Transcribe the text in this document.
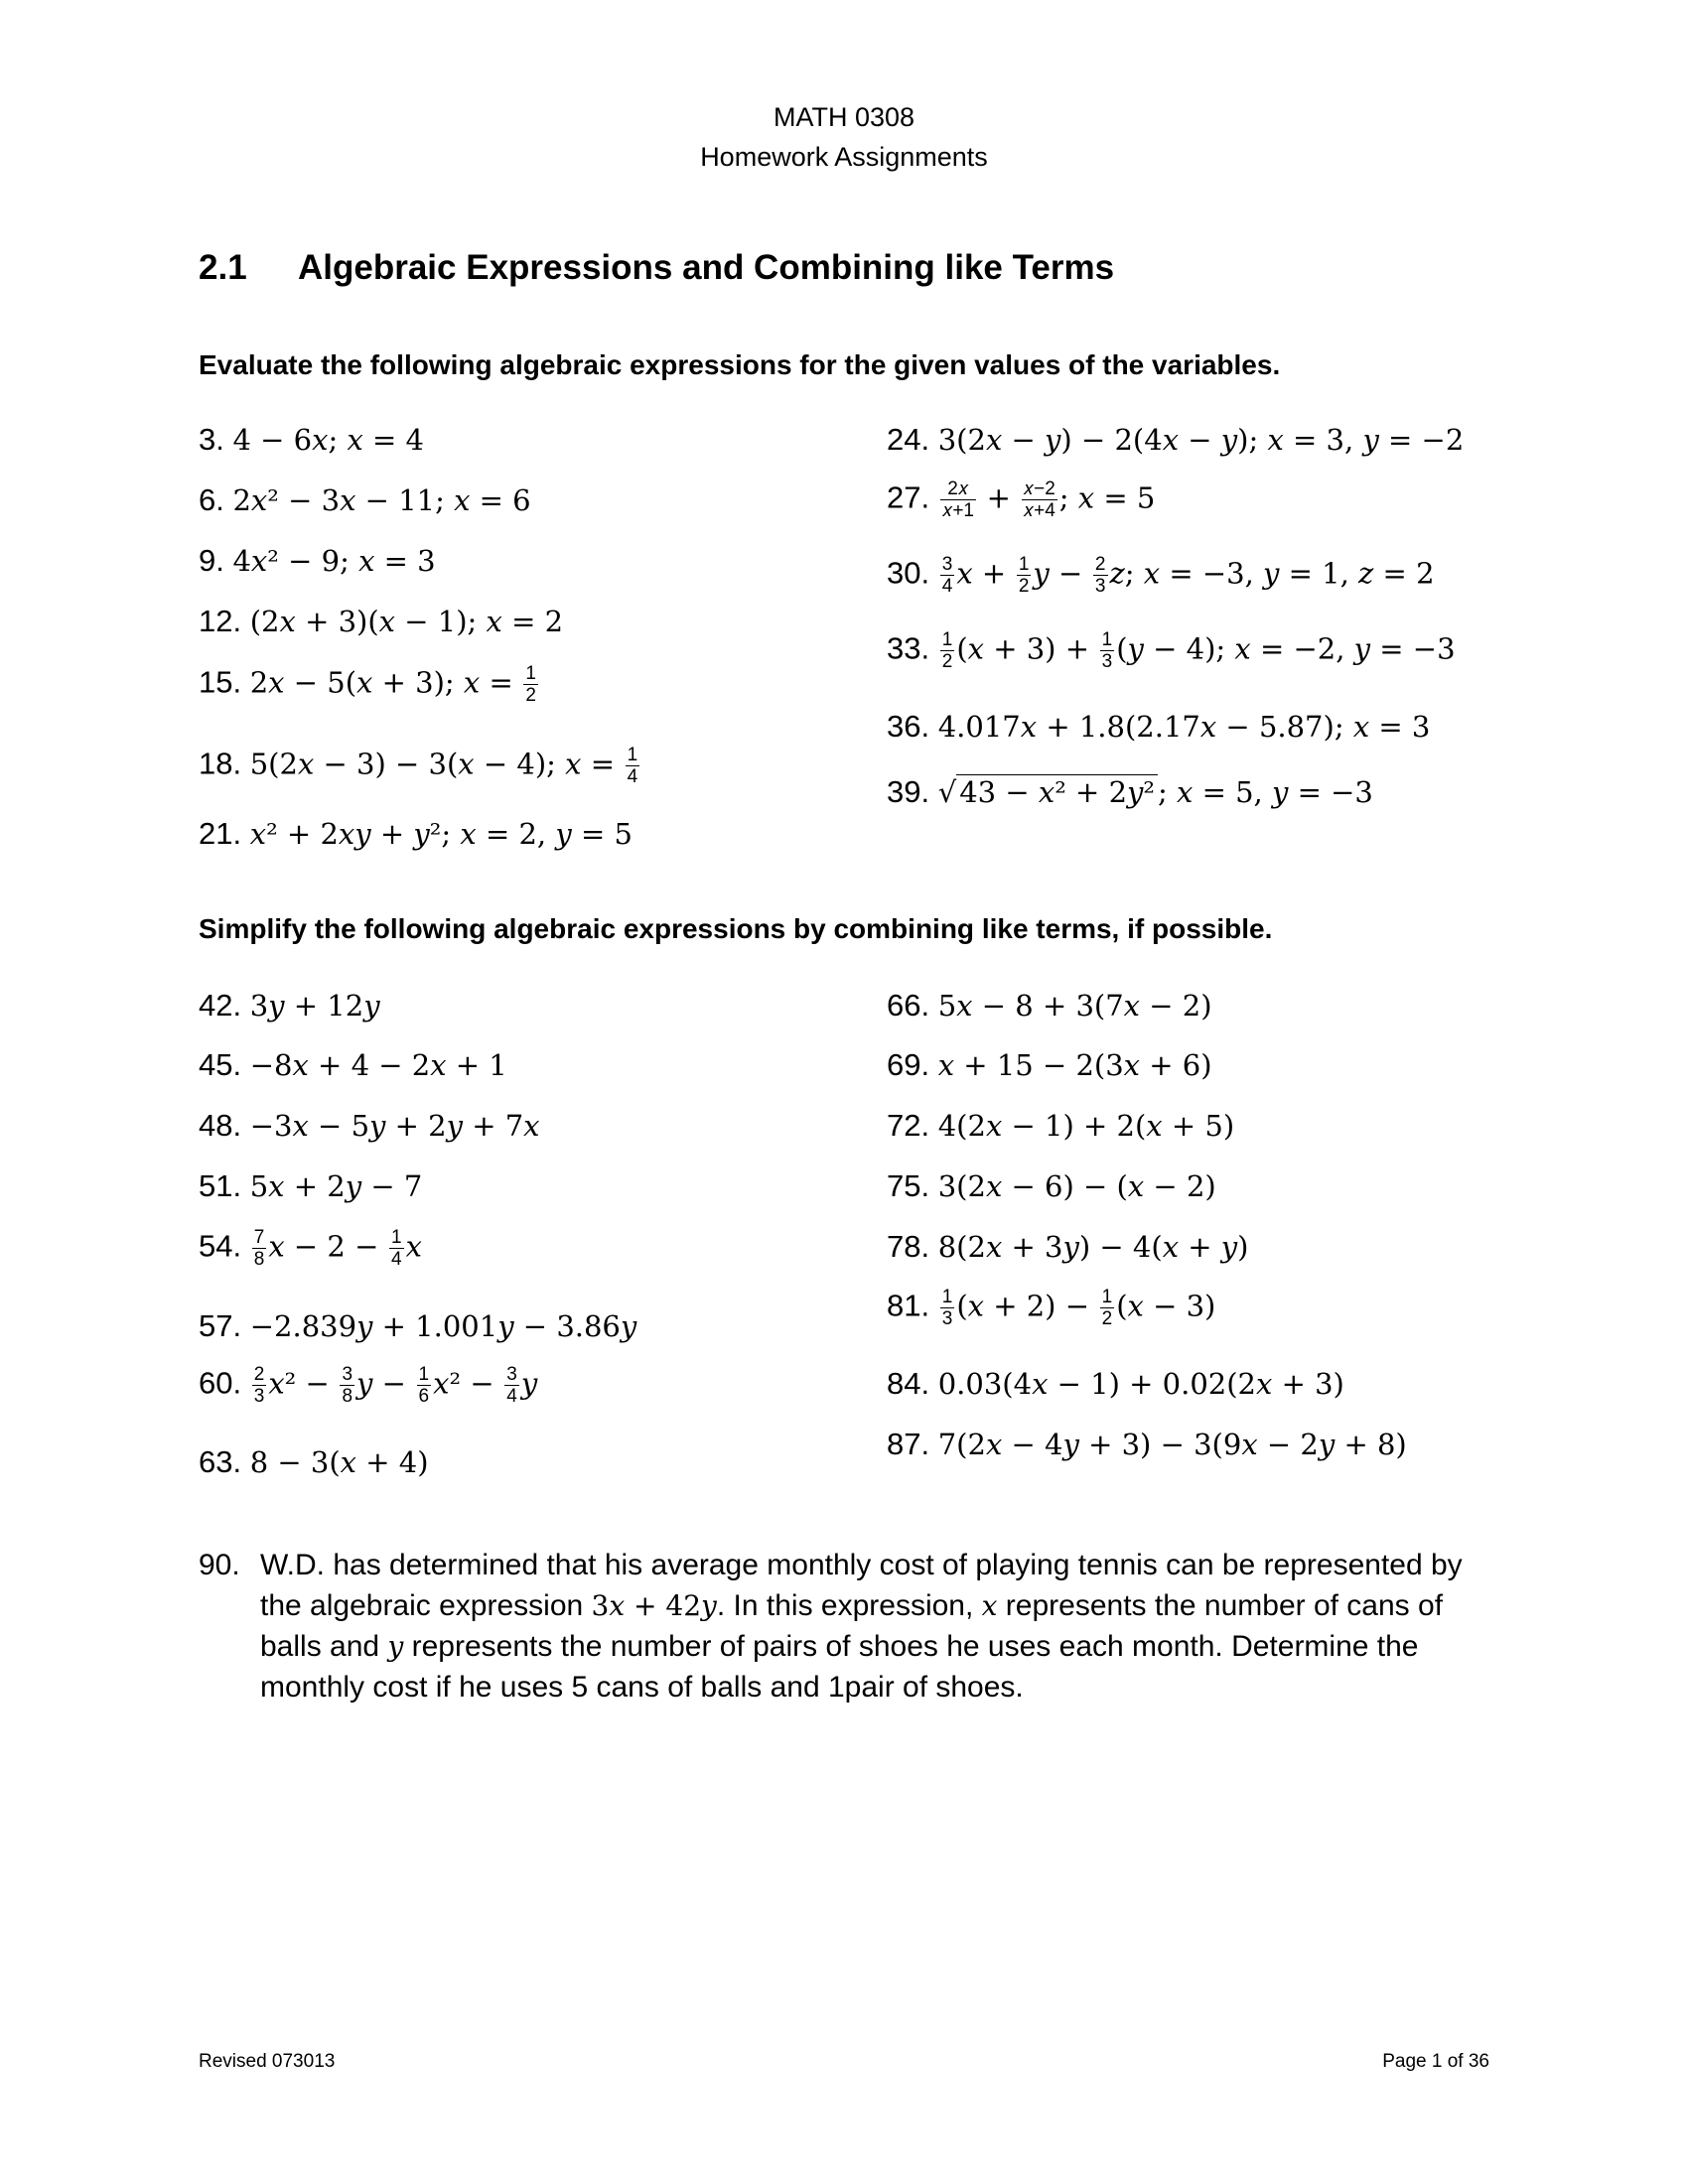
MATH 0308
Homework Assignments
2.1	Algebraic Expressions and Combining like Terms
Evaluate the following algebraic expressions for the given values of the variables.
3. 4 − 6𝑥; 𝑥 = 4
6. 2𝑥² − 3𝑥 − 11; 𝑥 = 6
9. 4𝑥² − 9; 𝑥 = 3
12. (2𝑥 + 3)(𝑥 − 1); 𝑥 = 2
15. 2𝑥 − 5(𝑥 + 3); 𝑥 = $\frac{1}{2}$
18. 5(2𝑥 − 3) − 3(𝑥 − 4); 𝑥 = $\frac{1}{4}$
21. 𝑥² + 2𝑥𝑦 + 𝑦²; 𝑥 = 2, 𝑦 = 5
24. 3(2𝑥 − 𝑦) − 2(4𝑥 − 𝑦); 𝑥 = 3, 𝑦 = −2
27. $\frac{\text{2𝑥}}{\text{𝑥+1}} + \frac{\text{𝑥−2}}{\text{𝑥+4}}$ ; 𝑥 = 5
30. $\frac{3}{4}$ 𝑥 + $\frac{1}{2}$ 𝑦 − $\frac{2}{3}$ 𝑧; 𝑥 = −3, 𝑦 = 1, 𝑧 = 2
33. $\frac{1}{2}$ (𝑥 + $3) + \frac{1}{3}$ (𝑦 − 4); 𝑥 = −2, 𝑦 = −3
36. 4.017𝑥 + 1.8(2.17𝑥 − 5.87); 𝑥 = 3
39. √ 43 − 𝑥² + 2𝑦² ; 𝑥 = 5, 𝑦 = −3
Simplify the following algebraic expressions by combining like terms, if possible.
42. 3𝑦 + 12𝑦
45. −8𝑥 + 4 − 2𝑥 + 1
48. −3𝑥 − 5𝑦 + 2𝑦 + 7𝑥
51. 5𝑥 + 2𝑦 − 7
54. $\frac{7}{8}$ 𝑥 − $2 - \frac{1}{4}$ 𝑥
57. −2.839𝑦 + 1.001𝑦 − 3.86𝑦
60. $\frac{2}{3}$ 𝑥² − $\frac{3}{8}$ 𝑦 − $\frac{1}{6}$ 𝑥² − $\frac{3}{4}$ 𝑦
63. 8 − 3(𝑥 + 4)
66. 5𝑥 − 8 + 3(7𝑥 − 2)
69. 𝑥 + 15 − 2(3𝑥 + 6)
72. 4(2𝑥 − 1) + 2(𝑥 + 5)
75. 3(2𝑥 − 6) − (𝑥 − 2)
78. 8(2𝑥 + 3𝑦) − 4(𝑥 + 𝑦)
81. $\frac{1}{3}$ (𝑥 + $2) - \frac{1}{2}$ (𝑥 − 3)
84. 0.03(4𝑥 − 1) + 0.02(2𝑥 + 3)
87. 7(2𝑥 − 4𝑦 + 3) − 3(9𝑥 − 2𝑦 + 8)
90. W.D. has determined that his average monthly cost of playing tennis can be represented by the algebraic expression 3𝑥 + 42𝑦. In this expression, 𝑥 represents the number of cans of balls and 𝑦 represents the number of pairs of shoes he uses each month. Determine the monthly cost if he uses 5 cans of balls and 1pair of shoes.
Revised 073013	Page 1 of 36
